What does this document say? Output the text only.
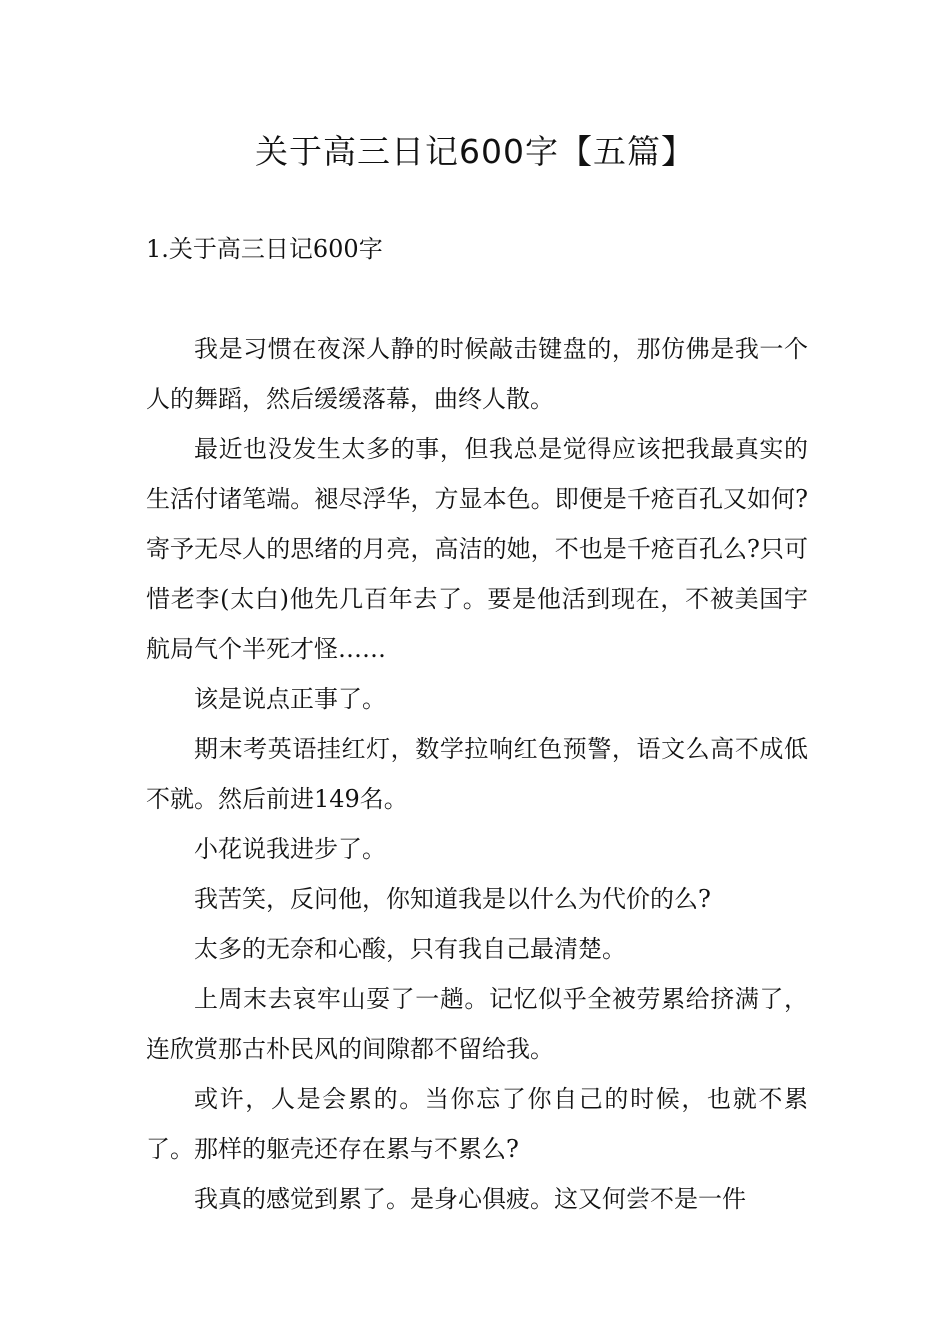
关于高三日记600字【五篇】
1.关于高三日记600字

我是习惯在夜深人静的时候敲击键盘的，那仿佛是我一个人的舞蹈，然后缓缓落幕，曲终人散。

最近也没发生太多的事，但我总是觉得应该把我最真实的生活付诸笔端。褪尽浮华，方显本色。即便是千疮百孔又如何?寄予无尽人的思绪的月亮，高洁的她，不也是千疮百孔么?只可惜老李(太白)他先几百年去了。要是他活到现在，不被美国宇航局气个半死才怪……

该是说点正事了。

期末考英语挂红灯，数学拉响红色预警，语文么高不成低不就。然后前进149名。

小花说我进步了。

我苦笑，反问他，你知道我是以什么为代价的么?

太多的无奈和心酸，只有我自己最清楚。

上周末去哀牢山耍了一趟。记忆似乎全被劳累给挤满了，连欣赏那古朴民风的间隙都不留给我。

或许，人是会累的。当你忘了你自己的时候，也就不累了。那样的躯壳还存在累与不累么?

我真的感觉到累了。是身心俱疲。这又何尝不是一件
